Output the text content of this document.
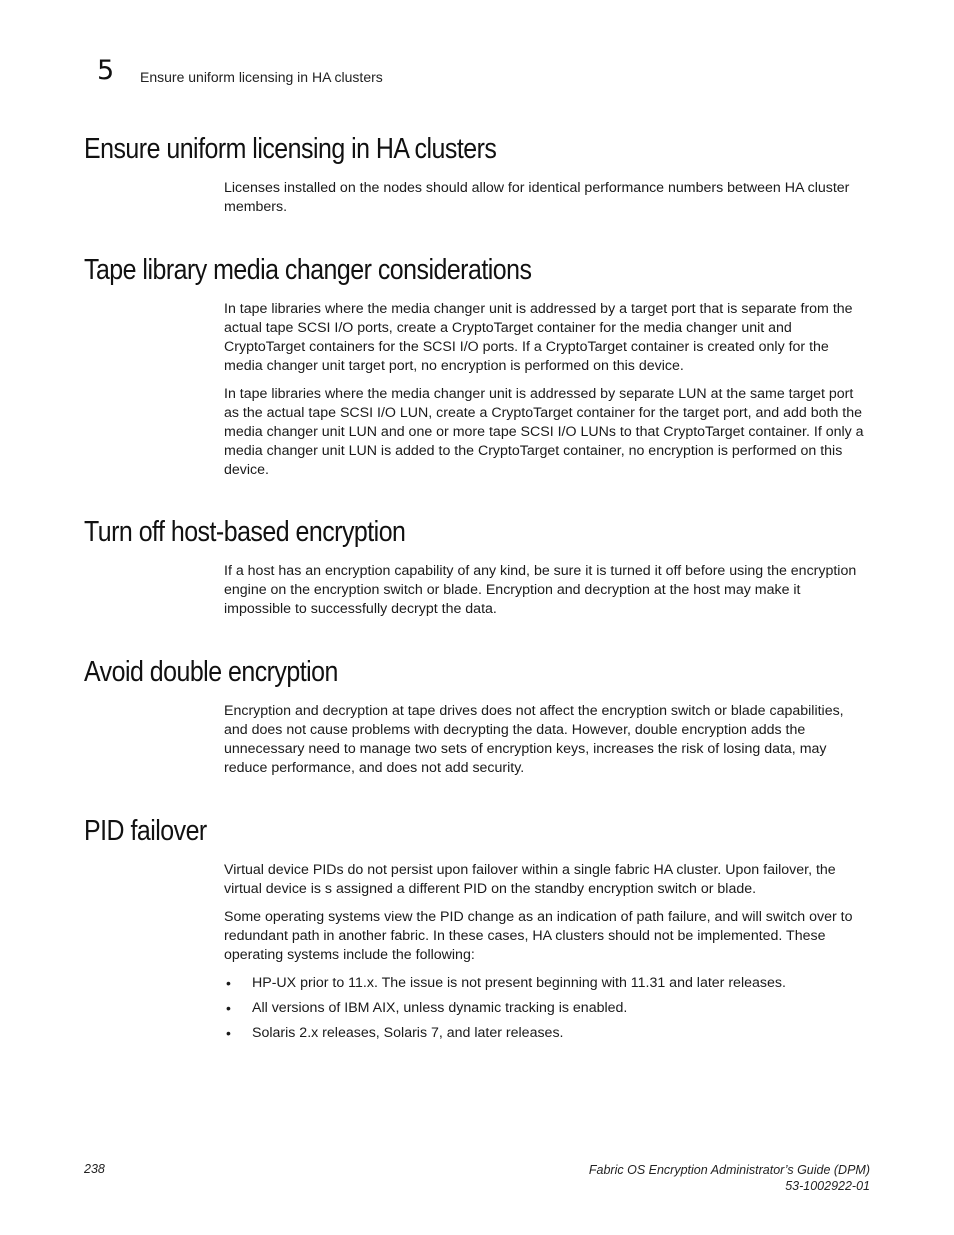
5	Ensure uniform licensing in HA clusters
Ensure uniform licensing in HA clusters

Licenses installed on the nodes should allow for identical performance numbers between HA cluster members.

Tape library media changer considerations

In tape libraries where the media changer unit is addressed by a target port that is separate from the actual tape SCSI I/O ports, create a CryptoTarget container for the media changer unit and CryptoTarget containers for the SCSI I/O ports. If a CryptoTarget container is created only for the media changer unit target port, no encryption is performed on this device.

In tape libraries where the media changer unit is addressed by separate LUN at the same target port as the actual tape SCSI I/O LUN, create a CryptoTarget container for the target port, and add both the media changer unit LUN and one or more tape SCSI I/O LUNs to that CryptoTarget container. If only a media changer unit LUN is added to the CryptoTarget container, no encryption is performed on this device.

Turn off host-based encryption

If a host has an encryption capability of any kind, be sure it is turned it off before using the encryption engine on the encryption switch or blade. Encryption and decryption at the host may make it impossible to successfully decrypt the data.

Avoid double encryption

Encryption and decryption at tape drives does not affect the encryption switch or blade capabilities, and does not cause problems with decrypting the data. However, double encryption adds the unnecessary need to manage two sets of encryption keys, increases the risk of losing data, may reduce performance, and does not add security.

PID failover

Virtual device PIDs do not persist upon failover within a single fabric HA cluster. Upon failover, the virtual device is s assigned a different PID on the standby encryption switch or blade.

Some operating systems view the PID change as an indication of path failure, and will switch over to redundant path in another fabric. In these cases, HA clusters should not be implemented. These operating systems include the following:

• HP-UX prior to 11.x. The issue is not present beginning with 11.31 and later releases.
• All versions of IBM AIX, unless dynamic tracking is enabled.
• Solaris 2.x releases, Solaris 7, and later releases.
238	Fabric OS Encryption Administrator’s Guide (DPM)
53-1002922-01
